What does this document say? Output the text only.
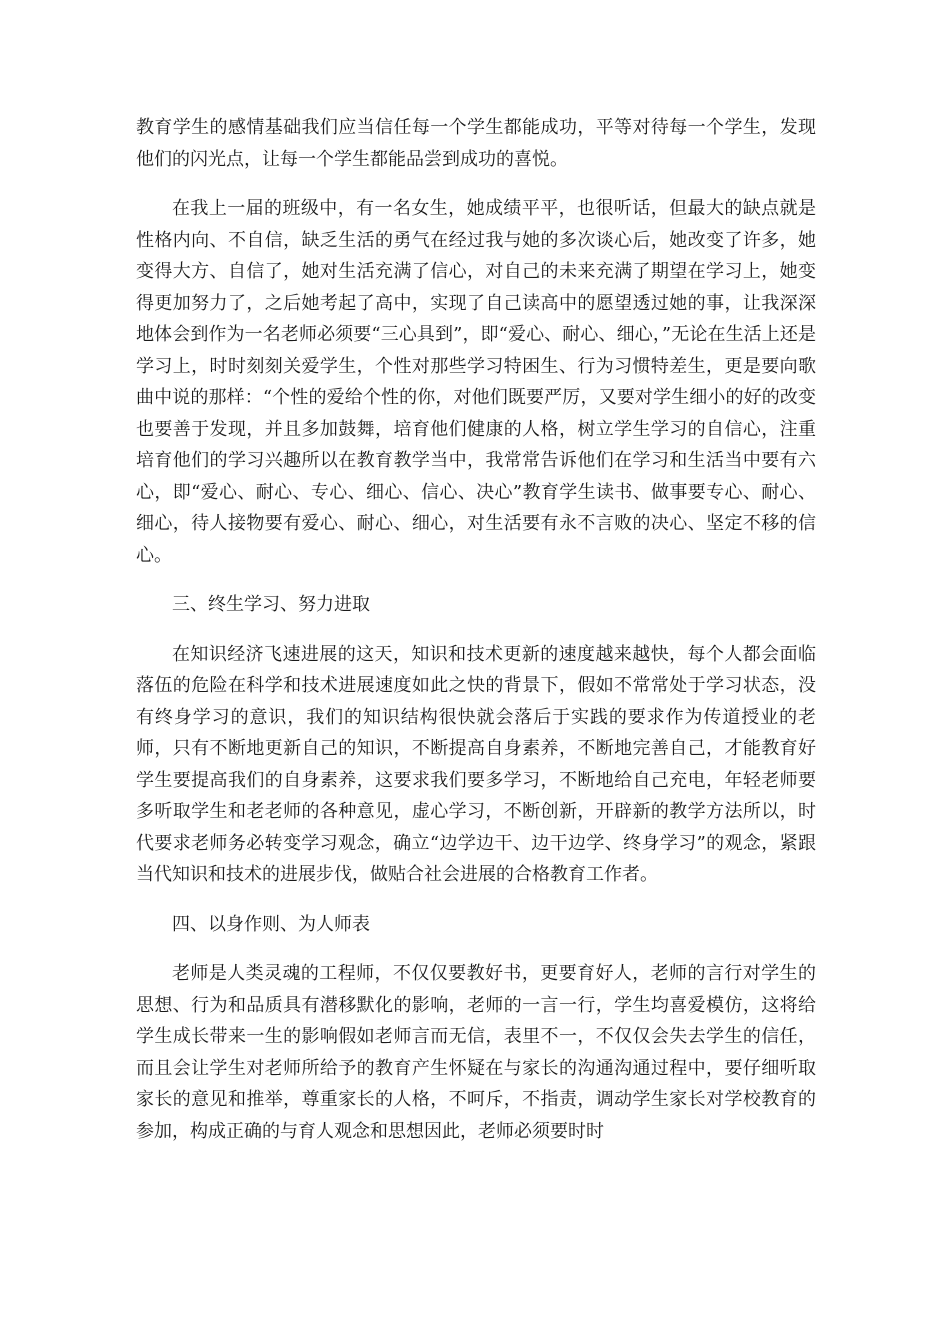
教育学生的感情基础我们应当信任每一个学生都能成功，平等对待每一个学生，发现他们的闪光点，让每一个学生都能品尝到成功的喜悦。

在我上一届的班级中，有一名女生，她成绩平平，也很听话，但最大的缺点就是性格内向、不自信，缺乏生活的勇气在经过我与她的多次谈心后，她改变了许多，她变得大方、自信了，她对生活充满了信心，对自己的未来充满了期望在学习上，她变得更加努力了，之后她考起了高中，实现了自己读高中的愿望透过她的事，让我深深地体会到作为一名老师必须要“三心具到”，即“爱心、耐心、细心，”无论在生活上还是学习上，时时刻刻关爱学生，个性对那些学习特困生、行为习惯特差生，更是要向歌曲中说的那样：“个性的爱给个性的你，对他们既要严厉，又要对学生细小的好的改变也要善于发现，并且多加鼓舞，培育他们健康的人格，树立学生学习的自信心，注重培育他们的学习兴趣所以在教育教学当中，我常常告诉他们在学习和生活当中要有六心，即“爱心、耐心、专心、细心、信心、决心”教育学生读书、做事要专心、耐心、细心，待人接物要有爱心、耐心、细心，对生活要有永不言败的决心、坚定不移的信心。

三、终生学习、努力进取

在知识经济飞速进展的这天，知识和技术更新的速度越来越快，每个人都会面临落伍的危险在科学和技术进展速度如此之快的背景下，假如不常常处于学习状态，没有终身学习的意识，我们的知识结构很快就会落后于实践的要求作为传道授业的老师，只有不断地更新自己的知识，不断提高自身素养，不断地完善自己，才能教育好学生要提高我们的自身素养，这要求我们要多学习，不断地给自己充电，年轻老师要多听取学生和老老师的各种意见，虚心学习，不断创新，开辟新的教学方法所以，时代要求老师务必转变学习观念，确立“边学边干、边干边学、终身学习”的观念，紧跟当代知识和技术的进展步伐，做贴合社会进展的合格教育工作者。

四、以身作则、为人师表

老师是人类灵魂的工程师，不仅仅要教好书，更要育好人，老师的言行对学生的思想、行为和品质具有潜移默化的影响，老师的一言一行，学生均喜爱模仿，这将给学生成长带来一生的影响假如老师言而无信，表里不一，不仅仅会失去学生的信任，而且会让学生对老师所给予的教育产生怀疑在与家长的沟通沟通过程中，要仔细听取家长的意见和推举，尊重家长的人格，不呵斥，不指责，调动学生家长对学校教育的参加，构成正确的与育人观念和思想因此，老师必须要时时
